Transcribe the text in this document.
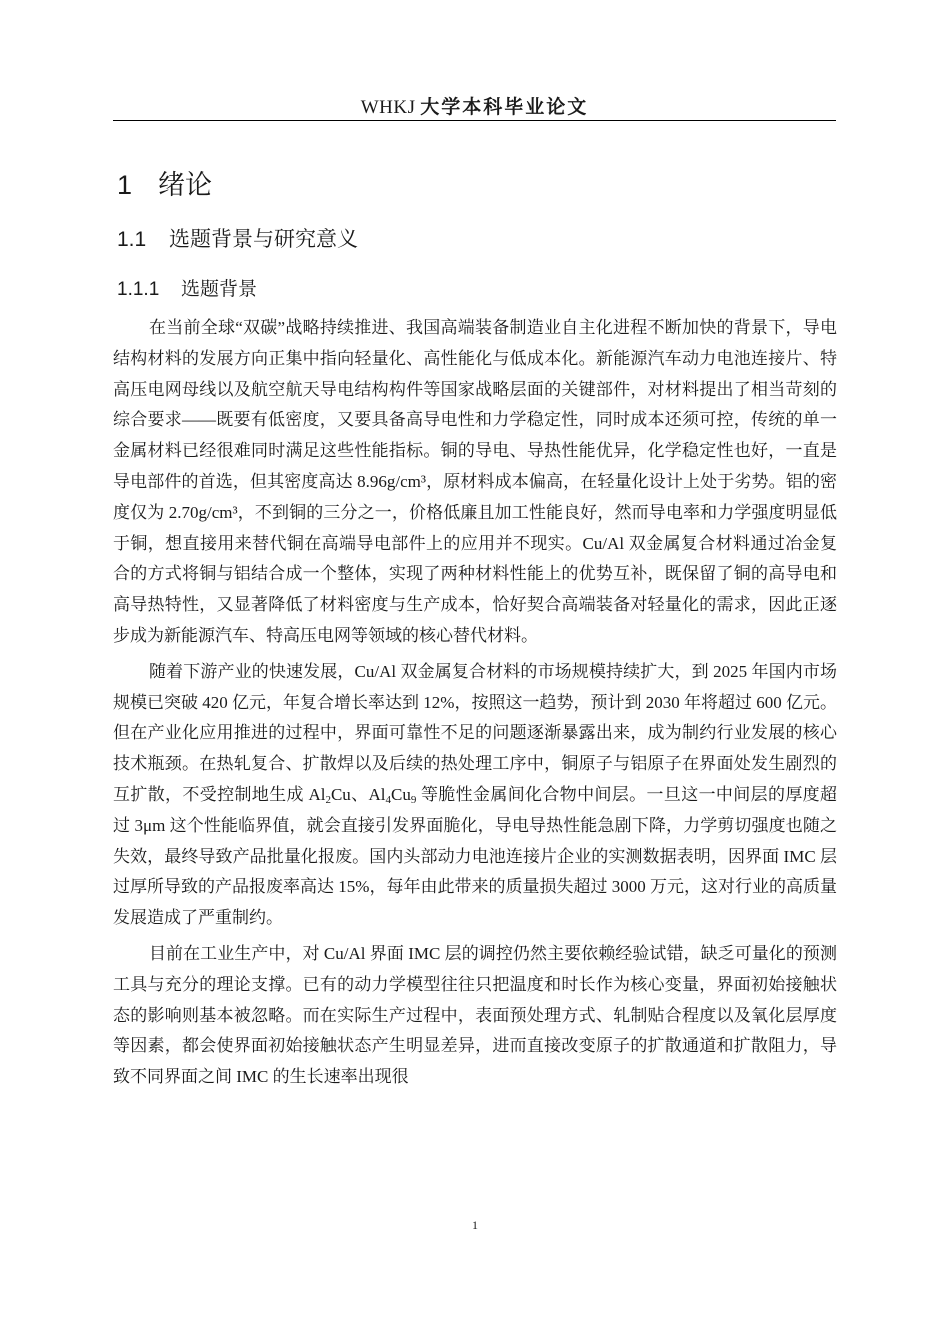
WHKJ 大学本科毕业论文
1 绪论
1.1 选题背景与研究意义
1.1.1 选题背景

在当前全球“双碳”战略持续推进、我国高端装备制造业自主化进程不断加快的背景下，导电结构材料的发展方向正集中指向轻量化、高性能化与低成本化。新能源汽车动力电池连接片、特高压电网母线以及航空航天导电结构构件等国家战略层面的关键部件，对材料提出了相当苛刻的综合要求——既要有低密度，又要具备高导电性和力学稳定性，同时成本还须可控，传统的单一金属材料已经很难同时满足这些性能指标。铜的导电、导热性能优异，化学稳定性也好，一直是导电部件的首选，但其密度高达 8.96g/cm³，原材料成本偏高，在轻量化设计上处于劣势。铝的密度仅为 2.70g/cm³，不到铜的三分之一，价格低廉且加工性能良好，然而导电率和力学强度明显低于铜，想直接用来替代铜在高端导电部件上的应用并不现实。Cu/Al 双金属复合材料通过冶金复合的方式将铜与铝结合成一个整体，实现了两种材料性能上的优势互补，既保留了铜的高导电和高导热特性，又显著降低了材料密度与生产成本，恰好契合高端装备对轻量化的需求，因此正逐步成为新能源汽车、特高压电网等领域的核心替代材料。

随着下游产业的快速发展，Cu/Al 双金属复合材料的市场规模持续扩大，到 2025 年国内市场规模已突破 420 亿元，年复合增长率达到 12%，按照这一趋势，预计到 2030 年将超过 600 亿元。但在产业化应用推进的过程中，界面可靠性不足的问题逐渐暴露出来，成为制约行业发展的核心技术瓶颈。在热轧复合、扩散焊以及后续的热处理工序中，铜原子与铝原子在界面处发生剧烈的互扩散，不受控制地生成 $Al_2Cu$、$Al_4Cu_9$ 等脆性金属间化合物中间层。一旦这一中间层的厚度超过 3μm 这个性能临界值，就会直接引发界面脆化，导电导热性能急剧下降，力学剪切强度也随之失效，最终导致产品批量化报废。国内头部动力电池连接片企业的实测数据表明，因界面 IMC 层过厚所导致的产品报废率高达 15%，每年由此带来的质量损失超过 3000 万元，这对行业的高质量发展造成了严重制约。

目前在工业生产中，对 Cu/Al 界面 IMC 层的调控仍然主要依赖经验试错，缺乏可量化的预测工具与充分的理论支撑。已有的动力学模型往往只把温度和时长作为核心变量，界面初始接触状态的影响则基本被忽略。而在实际生产过程中，表面预处理方式、轧制贴合程度以及氧化层厚度等因素，都会使界面初始接触状态产生明显差异，进而直接改变原子的扩散通道和扩散阻力，导致不同界面之间 IMC 的生长速率出现很

1
